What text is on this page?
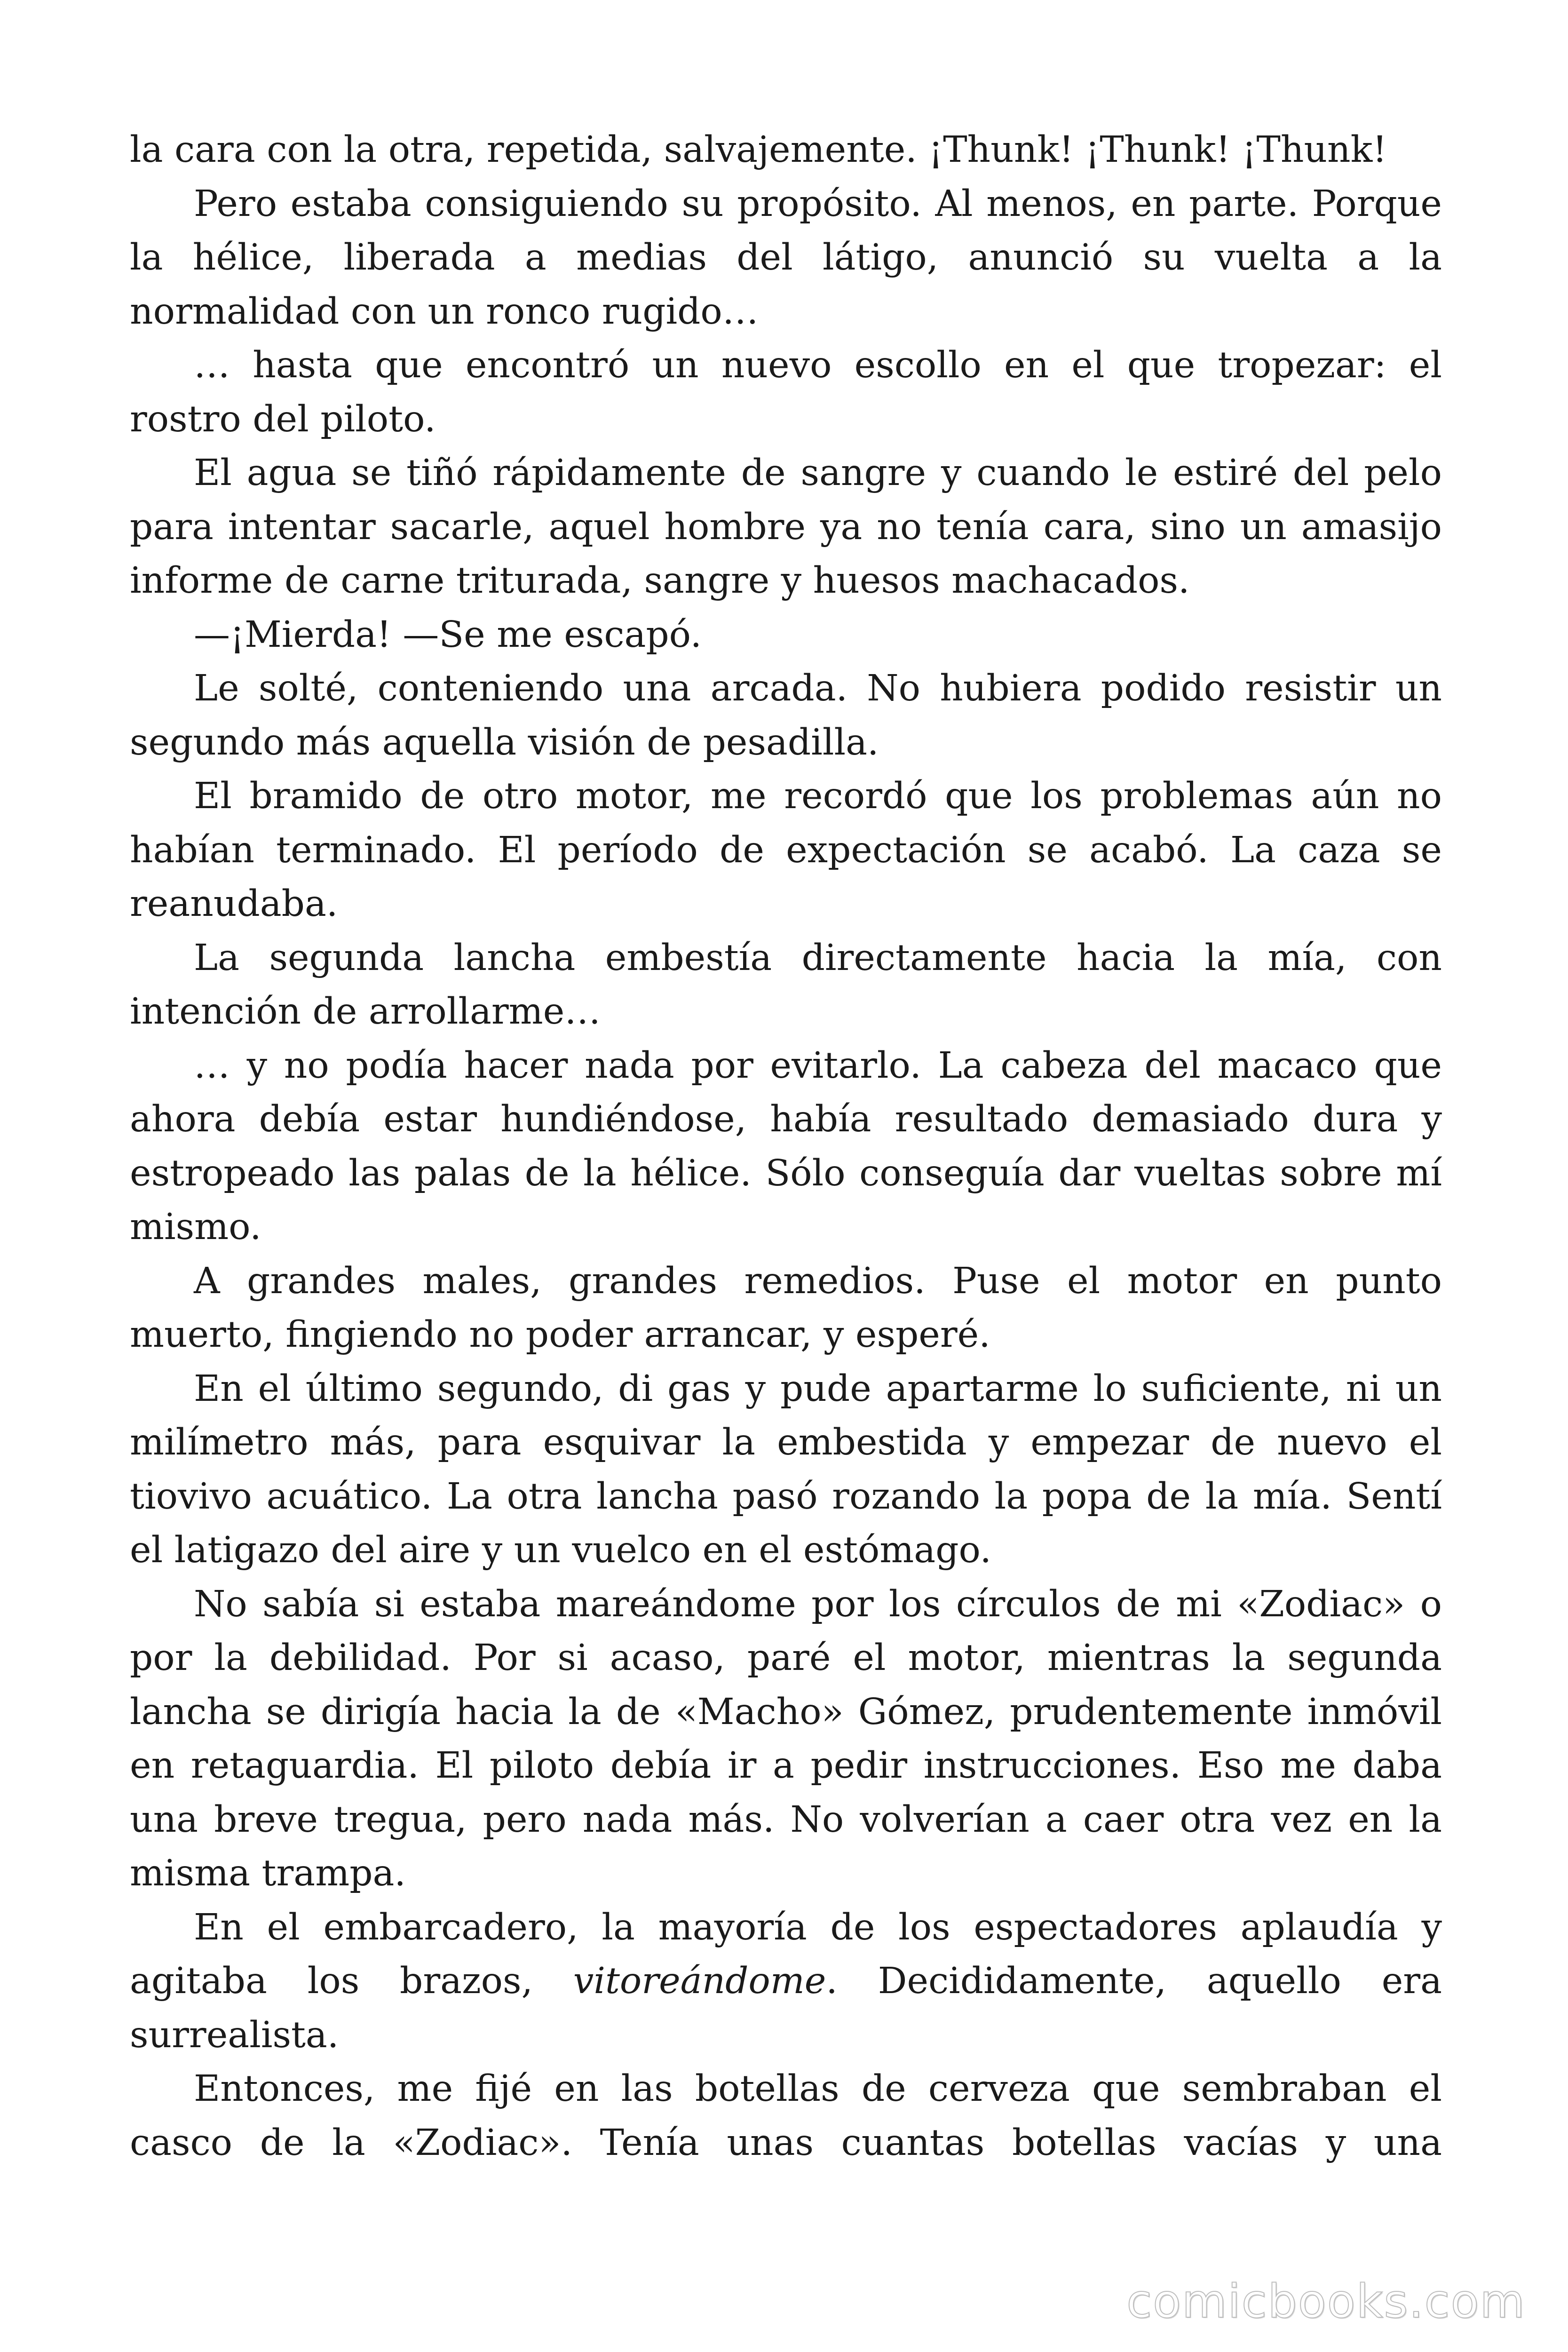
la cara con la otra, repetida, salvajemente. ¡Thunk! ¡Thunk! ¡Thunk!

Pero estaba consiguiendo su propósito. Al menos, en parte. Porque la hélice, liberada a medias del látigo, anunció su vuelta a la normalidad con un ronco rugido…

… hasta que encontró un nuevo escollo en el que tropezar: el rostro del piloto.

El agua se tiñó rápidamente de sangre y cuando le estiré del pelo para intentar sacarle, aquel hombre ya no tenía cara, sino un amasijo informe de carne triturada, sangre y huesos machacados.

—¡Mierda! —Se me escapó.

Le solté, conteniendo una arcada. No hubiera podido resistir un segundo más aquella visión de pesadilla.

El bramido de otro motor, me recordó que los problemas aún no habían terminado. El período de expectación se acabó. La caza se reanudaba.

La segunda lancha embestía directamente hacia la mía, con intención de arrollarme…

… y no podía hacer nada por evitarlo. La cabeza del macaco que ahora debía estar hundiéndose, había resultado demasiado dura y estropeado las palas de la hélice. Sólo conseguía dar vueltas sobre mí mismo.

A grandes males, grandes remedios. Puse el motor en punto muerto, fingiendo no poder arrancar, y esperé.

En el último segundo, di gas y pude apartarme lo suficiente, ni un milímetro más, para esquivar la embestida y empezar de nuevo el tiovivo acuático. La otra lancha pasó rozando la popa de la mía. Sentí el latigazo del aire y un vuelco en el estómago.

No sabía si estaba mareándome por los círculos de mi «Zodiac» o por la debilidad. Por si acaso, paré el motor, mientras la segunda lancha se dirigía hacia la de «Macho» Gómez, prudentemente inmóvil en retaguardia. El piloto debía ir a pedir instrucciones. Eso me daba una breve tregua, pero nada más. No volverían a caer otra vez en la misma trampa.

En el embarcadero, la mayoría de los espectadores aplaudía y agitaba los brazos, vitoreándome. Decididamente, aquello era surrealista.

Entonces, me fijé en las botellas de cerveza que sembraban el casco de la «Zodiac». Tenía unas cuantas botellas vacías y una

comicbooks.com
